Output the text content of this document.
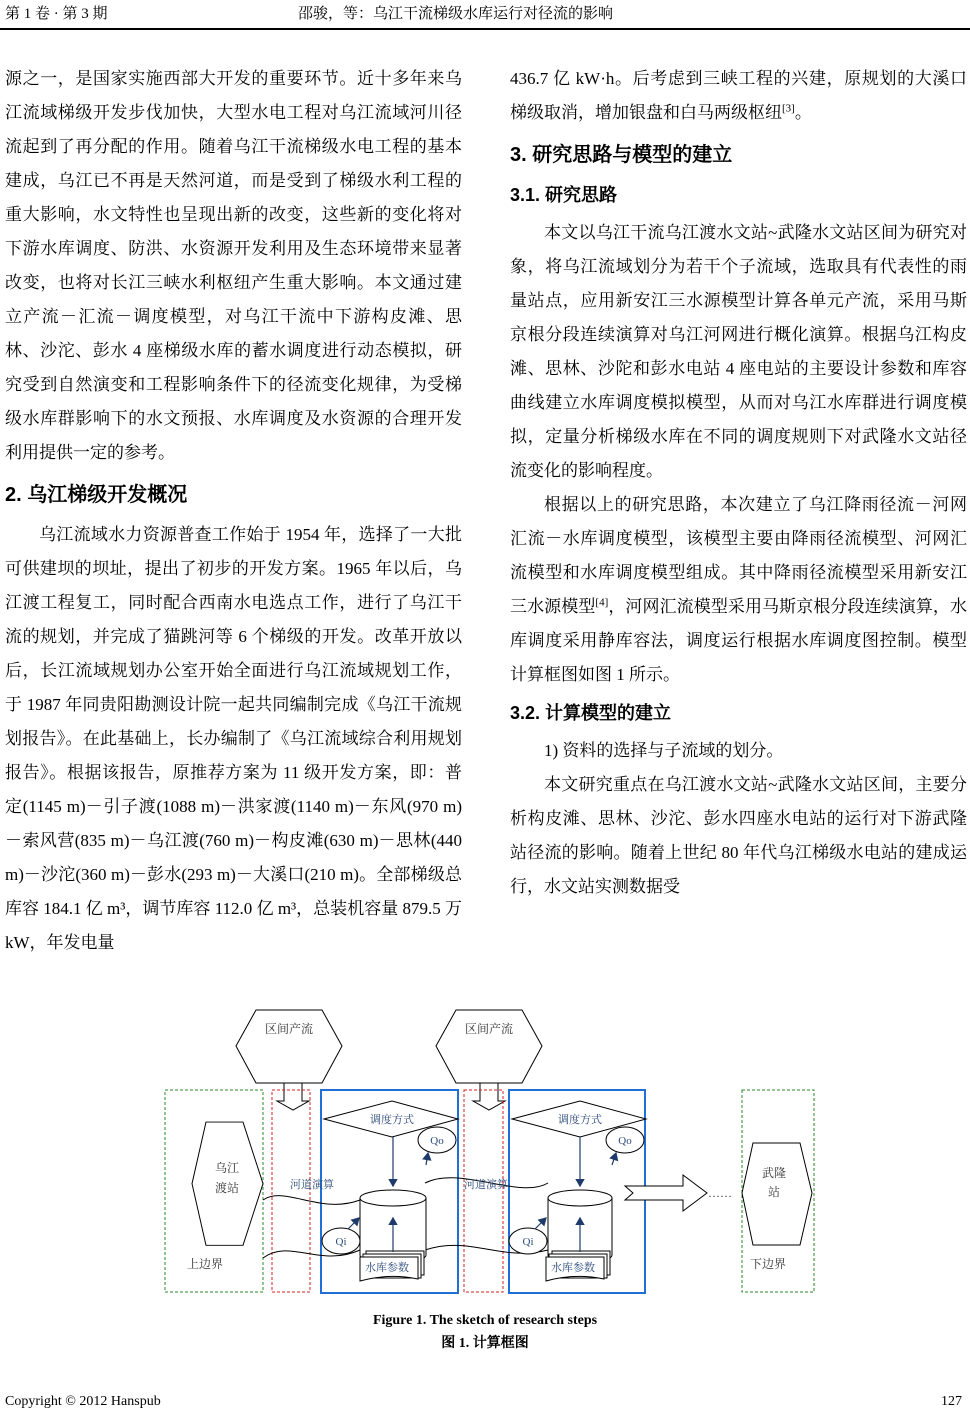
第 1 卷 · 第 3 期	邵骏，等：乌江干流梯级水库运行对径流的影响

源之一，是国家实施西部大开发的重要环节。近十多年来乌江流域梯级开发步伐加快，大型水电工程对乌江流域河川径流起到了再分配的作用。随着乌江干流梯级水电工程的基本建成，乌江已不再是天然河道，而是受到了梯级水利工程的重大影响，水文特性也呈现出新的改变，这些新的变化将对下游水库调度、防洪、水资源开发利用及生态环境带来显著改变，也将对长江三峡水利枢纽产生重大影响。本文通过建立产流－汇流－调度模型，对乌江干流中下游构皮滩、思林、沙沱、彭水 4 座梯级水库的蓄水调度进行动态模拟，研究受到自然演变和工程影响条件下的径流变化规律，为受梯级水库群影响下的水文预报、水库调度及水资源的合理开发利用提供一定的参考。

2. 乌江梯级开发概况

乌江流域水力资源普查工作始于 1954 年，选择了一大批可供建坝的坝址，提出了初步的开发方案。1965 年以后，乌江渡工程复工，同时配合西南水电选点工作，进行了乌江干流的规划，并完成了猫跳河等 6 个梯级的开发。改革开放以后，长江流域规划办公室开始全面进行乌江流域规划工作，于 1987 年同贵阳勘测设计院一起共同编制完成《乌江干流规划报告》。在此基础上，长办编制了《乌江流域综合利用规划报告》。根据该报告，原推荐方案为 11 级开发方案，即：普定(1145 m)－引子渡(1088 m)－洪家渡(1140 m)－东风(970 m)－索风营(835 m)－乌江渡(760 m)－构皮滩(630 m)－思林(440 m)－沙沱(360 m)－彭水(293 m)－大溪口(210 m)。全部梯级总库容 184.1 亿 m³，调节库容 112.0 亿 m³，总装机容量 879.5 万 kW，年发电量

436.7 亿 kW·h。后考虑到三峡工程的兴建，原规划的大溪口梯级取消，增加银盘和白马两级枢纽[3]。

3. 研究思路与模型的建立
3.1. 研究思路

本文以乌江干流乌江渡水文站~武隆水文站区间为研究对象，将乌江流域划分为若干个子流域，选取具有代表性的雨量站点，应用新安江三水源模型计算各单元产流，采用马斯京根分段连续演算对乌江河网进行概化演算。根据乌江构皮滩、思林、沙陀和彭水电站 4 座电站的主要设计参数和库容曲线建立水库调度模拟模型，从而对乌江水库群进行调度模拟，定量分析梯级水库在不同的调度规则下对武隆水文站径流变化的影响程度。

根据以上的研究思路，本次建立了乌江降雨径流－河网汇流－水库调度模型，该模型主要由降雨径流模型、河网汇流模型和水库调度模型组成。其中降雨径流模型采用新安江三水源模型[4]，河网汇流模型采用马斯京根分段连续演算，水库调度采用静库容法，调度运行根据水库调度图控制。模型计算框图如图 1 所示。

3.2. 计算模型的建立

1) 资料的选择与子流域的划分。

本文研究重点在乌江渡水文站~武隆水文站区间，主要分析构皮滩、思林、沙沱、彭水四座水电站的运行对下游武隆站径流的影响。随着上世纪 80 年代乌江梯级水电站的建成运行，水文站实测数据受

区间产流	区间产流
乌江
渡站
上边界
武隆
站
下边界
……
河道演算	河道演算
调度方式	调度方式
Qo	Qo
Qi	Qi
水库参数	水库参数
Figure 1. The sketch of research steps
图 1. 计算框图
Copyright © 2012 Hanspub	127
